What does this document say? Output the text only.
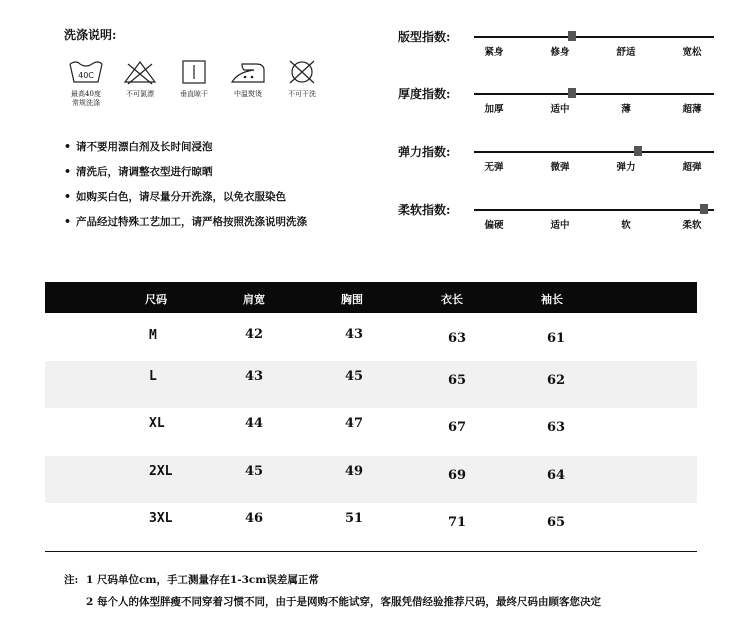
洗涤说明:
40C
最高40度
常规洗涤
不可氯漂	垂直晾干	中温熨烫	不可干洗
• 请不要用漂白剂及长时间浸泡
• 清洗后，请调整衣型进行晾晒
• 如购买白色，请尽量分开洗涤，以免衣服染色
• 产品经过特殊工艺加工，请严格按照洗涤说明洗涤
版型指数:
紧身	修身	舒适	宽松
厚度指数:
加厚	适中	薄	超薄
弹力指数:
无弹	微弹	弹力	超弹
柔软指数:
偏硬	适中	软	柔软
尺码	肩宽	胸围	衣长	袖长
M	42	43	63	61
L	43	45	65	62
XL	44	47	67	63
2XL	45	49	69	64
3XL	46	51	71	65
注: 1 尺码单位cm，手工测量存在1-3cm误差属正常
2 每个人的体型胖瘦不同穿着习惯不同，由于是网购不能试穿，客服凭借经验推荐尺码，最终尺码由顾客您决定
